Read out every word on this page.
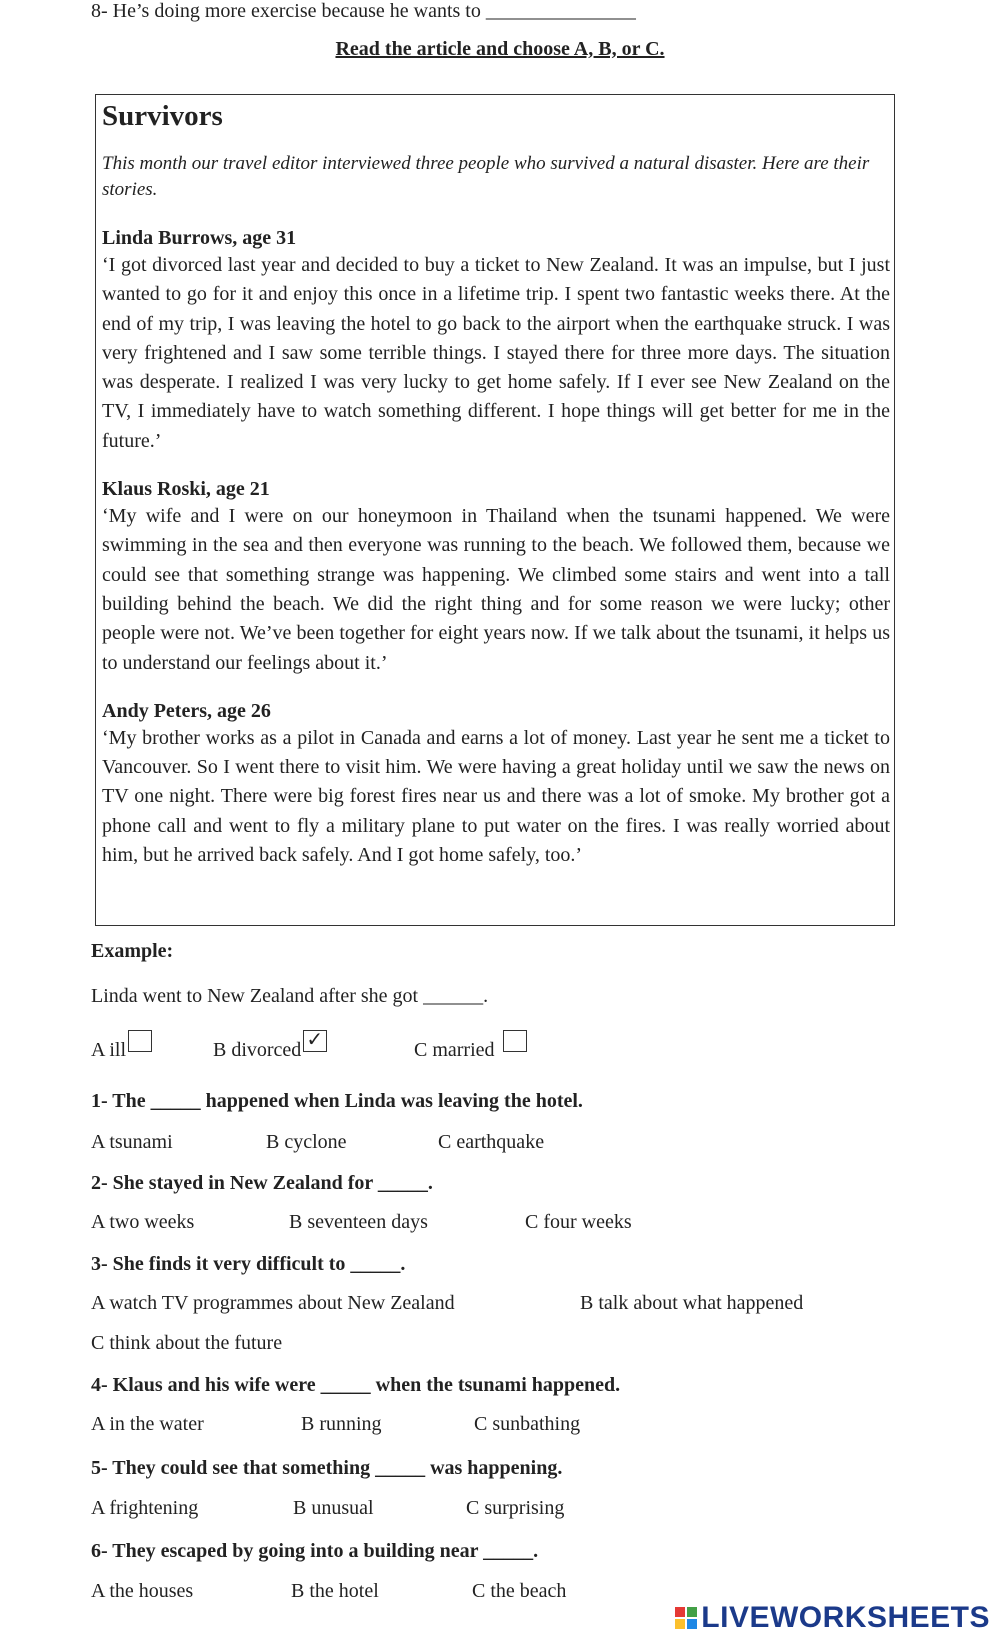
8- He’s doing more exercise because he wants to _______________
Read the article and choose A, B, or C.
Survivors
This month our travel editor interviewed three people who survived a natural disaster. Here are their stories.
Linda Burrows, age 31
‘I got divorced last year and decided to buy a ticket to New Zealand. It was an impulse, but I just wanted to go for it and enjoy this once in a lifetime trip. I spent two fantastic weeks there. At the end of my trip, I was leaving the hotel to go back to the airport when the earthquake struck. I was very frightened and I saw some terrible things. I stayed there for three more days. The situation was desperate. I realized I was very lucky to get home safely. If I ever see New Zealand on the TV, I immediately have to watch something different. I hope things will get better for me in the future.’
Klaus Roski, age 21
‘My wife and I were on our honeymoon in Thailand when the tsunami happened. We were swimming in the sea and then everyone was running to the beach. We followed them, because we could see that something strange was happening. We climbed some stairs and went into a tall building behind the beach. We did the right thing and for some reason we were lucky; other people were not. We’ve been together for eight years now. If we talk about the tsunami, it helps us to understand our feelings about it.’
Andy Peters, age 26
‘My brother works as a pilot in Canada and earns a lot of money. Last year he sent me a ticket to Vancouver. So I went there to visit him. We were having a great holiday until we saw the news on TV one night. There were big forest fires near us and there was a lot of smoke. My brother got a phone call and went to fly a military plane to put water on the fires. I was really worried about him, but he arrived back safely. And I got home safely, too.’
Example:
Linda went to New Zealand after she got ______.
A ill	B divorced ✓	C married
1- The _____ happened when Linda was leaving the hotel.
A tsunami	B cyclone	C earthquake
2- She stayed in New Zealand for _____.
A two weeks	B seventeen days	C four weeks
3- She finds it very difficult to _____.
A watch TV programmes about New Zealand	B talk about what happened
C think about the future
4- Klaus and his wife were _____ when the tsunami happened.
A in the water	B running	C sunbathing
5- They could see that something _____ was happening.
A frightening	B unusual	C surprising
6- They escaped by going into a building near _____.
A the houses	B the hotel	C the beach
LIVEWORKSHEETS
